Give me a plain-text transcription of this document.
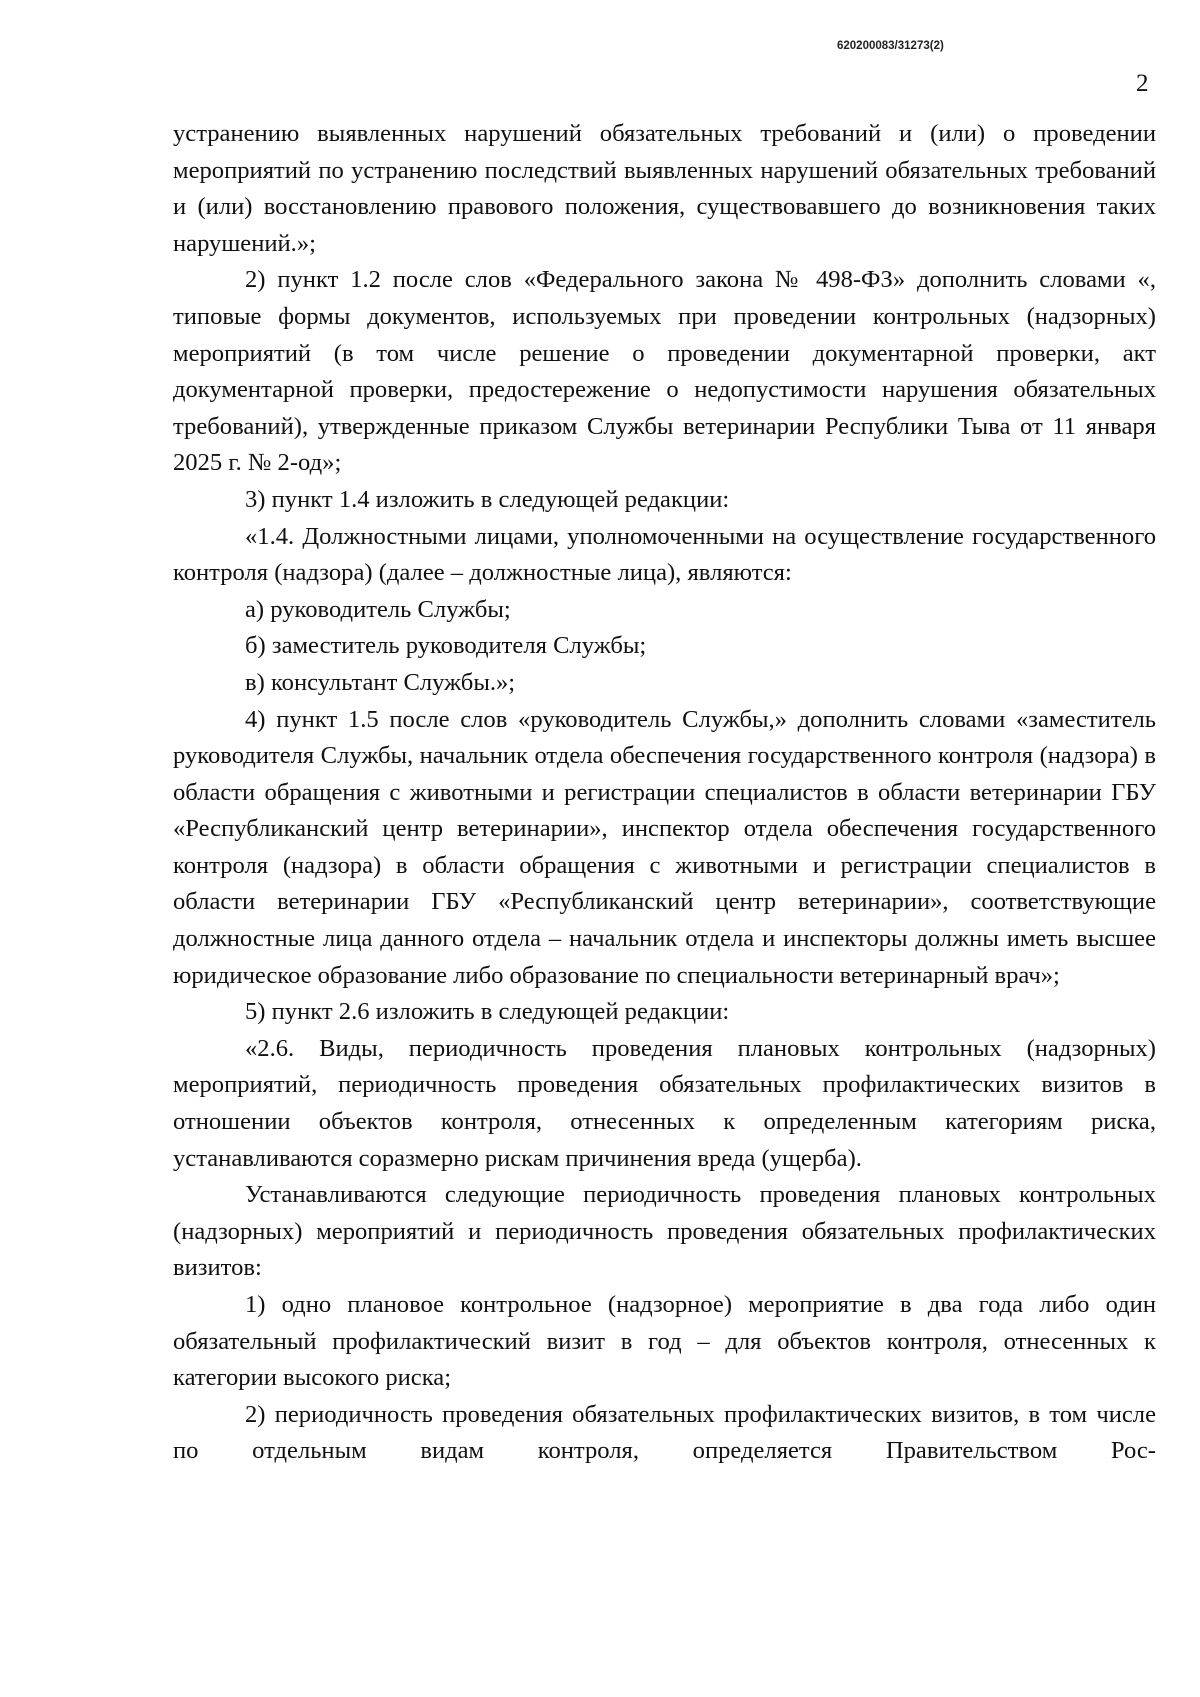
620200083/31273(2)
2

устранению выявленных нарушений обязательных требований и (или) о проведении мероприятий по устранению последствий выявленных нарушений обязательных требований и (или) восстановлению правового положения, существовавшего до возникновения таких нарушений.»;

2) пункт 1.2 после слов «Федерального закона № 498-ФЗ» дополнить словами «, типовые формы документов, используемых при проведении контрольных (надзорных) мероприятий (в том числе решение о проведении документарной проверки, акт документарной проверки, предостережение о недопустимости нарушения обязательных требований), утвержденные приказом Службы ветеринарии Республики Тыва от 11 января 2025 г. № 2-од»;

3) пункт 1.4 изложить в следующей редакции:

«1.4. Должностными лицами, уполномоченными на осуществление государственного контроля (надзора) (далее – должностные лица), являются:

а) руководитель Службы;

б) заместитель руководителя Службы;

в) консультант Службы.»;

4) пункт 1.5 после слов «руководитель Службы,» дополнить словами «заместитель руководителя Службы, начальник отдела обеспечения государственного контроля (надзора) в области обращения с животными и регистрации специалистов в области ветеринарии ГБУ «Республиканский центр ветеринарии», инспектор отдела обеспечения государственного контроля (надзора) в области обращения с животными и регистрации специалистов в области ветеринарии ГБУ «Республиканский центр ветеринарии», соответствующие должностные лица данного отдела – начальник отдела и инспекторы должны иметь высшее юридическое образование либо образование по специальности ветеринарный врач»;

5) пункт 2.6 изложить в следующей редакции:

«2.6. Виды, периодичность проведения плановых контрольных (надзорных) мероприятий, периодичность проведения обязательных профилактических визитов в отношении объектов контроля, отнесенных к определенным категориям риска, устанавливаются соразмерно рискам причинения вреда (ущерба).

Устанавливаются следующие периодичность проведения плановых контрольных (надзорных) мероприятий и периодичность проведения обязательных профилактических визитов:

1) одно плановое контрольное (надзорное) мероприятие в два года либо один обязательный профилактический визит в год – для объектов контроля, отнесенных к категории высокого риска;

2) периодичность проведения обязательных профилактических визитов, в том числе по отдельным видам контроля, определяется Правительством Рос-
